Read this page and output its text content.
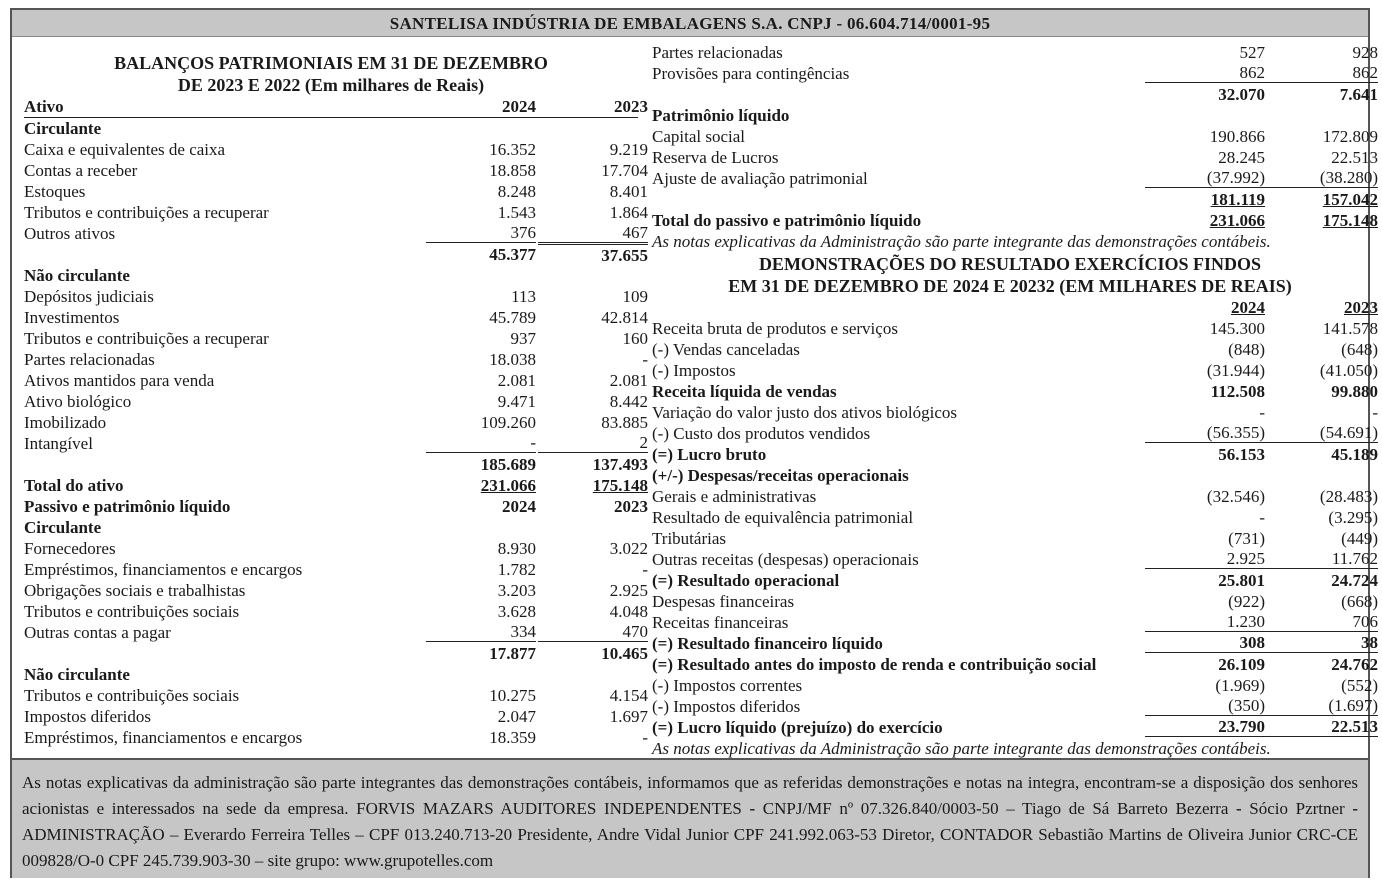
SANTELISA INDÚSTRIA DE EMBALAGENS S.A. CNPJ - 06.604.714/0001-95
BALANÇOS PATRIMONIAIS EM 31 DE DEZEMBRO
DE 2023 E 2022 (Em milhares de Reais)
Ativo	2024	2023
Circulante
Caixa e equivalentes de caixa	16.352	9.219
Contas a receber	18.858	17.704
Estoques	8.248	8.401
Tributos e contribuições a recuperar	1.543	1.864
Outros ativos	376	467
45.377	37.655
Não circulante
Depósitos judiciais	113	109
Investimentos	45.789	42.814
Tributos e contribuições a recuperar	937	160
Partes relacionadas	18.038	-
Ativos mantidos para venda	2.081	2.081
Ativo biológico	9.471	8.442
Imobilizado	109.260	83.885
Intangível	-	2
185.689	137.493
Total do ativo	231.066	175.148
Passivo e patrimônio líquido	2024	2023
Circulante
Fornecedores	8.930	3.022
Empréstimos, financiamentos e encargos	1.782	-
Obrigações sociais e trabalhistas	3.203	2.925
Tributos e contribuições sociais	3.628	4.048
Outras contas a pagar	334	470
17.877	10.465
Não circulante
Tributos e contribuições sociais	10.275	4.154
Impostos diferidos	2.047	1.697
Empréstimos, financiamentos e encargos	18.359	-
Partes relacionadas	527	928
Provisões para contingências	862	862
32.070	7.641
Patrimônio líquido
Capital social	190.866	172.809
Reserva de Lucros	28.245	22.513
Ajuste de avaliação patrimonial	(37.992)	(38.280)
181.119	157.042
Total do passivo e patrimônio líquido	231.066	175.148
As notas explicativas da Administração são parte integrante das demonstrações contábeis.
DEMONSTRAÇÕES DO RESULTADO EXERCÍCIOS FINDOS
EM 31 DE DEZEMBRO DE 2024 E 20232 (EM MILHARES DE REAIS)
2024	2023
Receita bruta de produtos e serviços	145.300	141.578
(-) Vendas canceladas	(848)	(648)
(-) Impostos	(31.944)	(41.050)
Receita líquida de vendas	112.508	99.880
Variação do valor justo dos ativos biológicos	-	-
(-) Custo dos produtos vendidos	(56.355)	(54.691)
(=) Lucro bruto	56.153	45.189
(+/-) Despesas/receitas operacionais
Gerais e administrativas	(32.546)	(28.483)
Resultado de equivalência patrimonial	-	(3.295)
Tributárias	(731)	(449)
Outras receitas (despesas) operacionais	2.925	11.762
(=) Resultado operacional	25.801	24.724
Despesas financeiras	(922)	(668)
Receitas financeiras	1.230	706
(=) Resultado financeiro líquido	308	38
(=) Resultado antes do imposto de renda e contribuição social	26.109	24.762
(-) Impostos correntes	(1.969)	(552)
(-) Impostos diferidos	(350)	(1.697)
(=) Lucro líquido (prejuízo) do exercício	23.790	22.513
As notas explicativas da Administração são parte integrante das demonstrações contábeis.
As notas explicativas da administração são parte integrantes das demonstrações contábeis, informamos que as referidas demonstrações e notas na integra, encontram-se a disposição dos senhores acionistas e interessados na sede da empresa. FORVIS MAZARS AUDITORES INDEPENDENTES - CNPJ/MF nº 07.326.840/0003-50 – Tiago de Sá Barreto Bezerra - Sócio Pzrtner - ADMINISTRAÇÃO – Everardo Ferreira Telles – CPF 013.240.713-20 Presidente, Andre Vidal Junior CPF 241.992.063-53 Diretor, CONTADOR Sebastião Martins de Oliveira Junior CRC-CE 009828/O-0 CPF 245.739.903-30 – site grupo: www.grupotelles.com
